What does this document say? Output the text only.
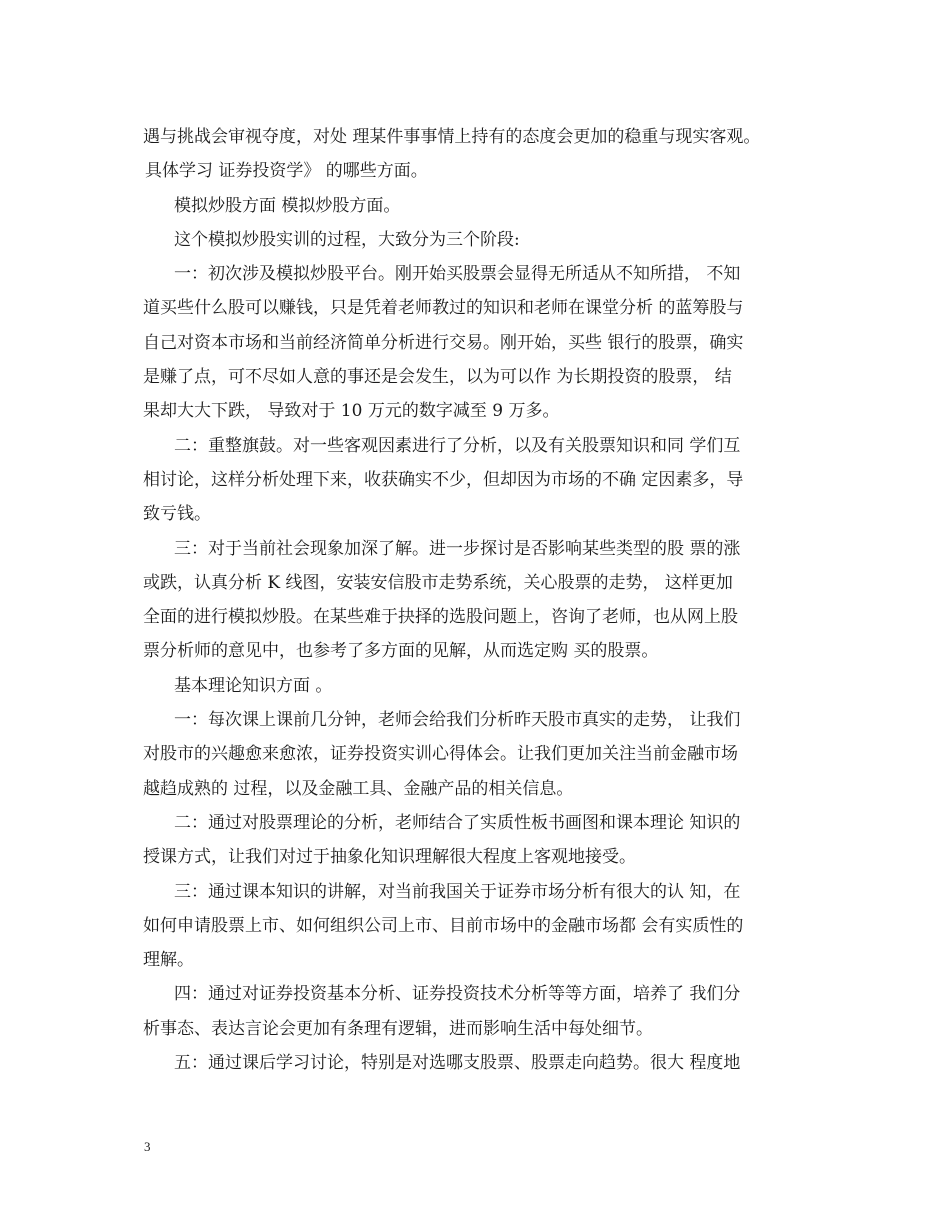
遇与挑战会审视夺度，对处 理某件事事情上持有的态度会更加的稳重与现实客观。
具体学习 证券投资学》 的哪些方面。
模拟炒股方面 模拟炒股方面。
这个模拟炒股实训的过程，大致分为三个阶段:
一：初次涉及模拟炒股平台。刚开始买股票会显得无所适从不知所措， 不知
道买些什么股可以赚钱，只是凭着老师教过的知识和老师在课堂分析 的蓝筹股与
自己对资本市场和当前经济简单分析进行交易。刚开始，买些 银行的股票，确实
是赚了点，可不尽如人意的事还是会发生，以为可以作 为长期投资的股票， 结
果却大大下跌， 导致对于 10 万元的数字减至 9 万多。
二：重整旗鼓。对一些客观因素进行了分析，以及有关股票知识和同 学们互
相讨论，这样分析处理下来，收获确实不少，但却因为市场的不确 定因素多，导
致亏钱。
三：对于当前社会现象加深了解。进一步探讨是否影响某些类型的股 票的涨
或跌，认真分析 K 线图，安装安信股市走势系统，关心股票的走势， 这样更加
全面的进行模拟炒股。在某些难于抉择的选股问题上，咨询了老师，也从网上股
票分析师的意见中，也参考了多方面的见解，从而选定购 买的股票。
基本理论知识方面 。
一：每次课上课前几分钟，老师会给我们分析昨天股市真实的走势， 让我们
对股市的兴趣愈来愈浓，证券投资实训心得体会。让我们更加关注当前金融市场
越趋成熟的 过程，以及金融工具、金融产品的相关信息。
二：通过对股票理论的分析，老师结合了实质性板书画图和课本理论 知识的
授课方式，让我们对过于抽象化知识理解很大程度上客观地接受。
三：通过课本知识的讲解，对当前我国关于证券市场分析有很大的认 知，在
如何申请股票上市、如何组织公司上市、目前市场中的金融市场都 会有实质性的
理解。
四：通过对证券投资基本分析、证券投资技术分析等等方面，培养了 我们分
析事态、表达言论会更加有条理有逻辑，进而影响生活中每处细节。
五：通过课后学习讨论，特别是对选哪支股票、股票走向趋势。很大 程度地
3
